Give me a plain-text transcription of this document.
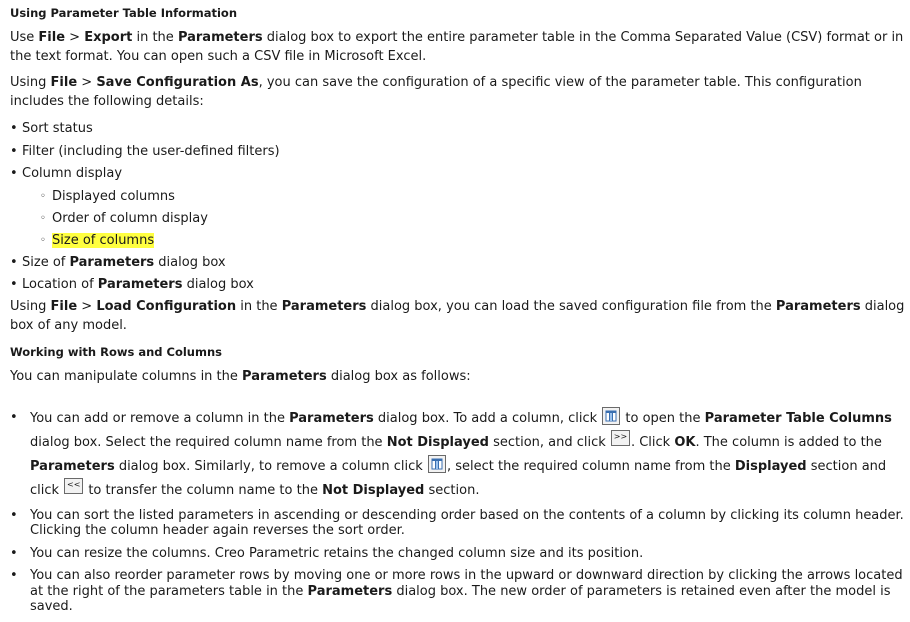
Using Parameter Table Information

Use File > Export in the Parameters dialog box to export the entire parameter table in the Comma Separated Value (CSV) format or in the text format. You can open such a CSV file in Microsoft Excel.

Using File > Save Configuration As, you can save the configuration of a specific view of the parameter table. This configuration includes the following details:

• Sort status
• Filter (including the user-defined filters)
• Column display
◦ Displayed columns
◦ Order of column display
◦ Size of columns
• Size of Parameters dialog box
• Location of Parameters dialog box

Using File > Load Configuration in the Parameters dialog box, you can load the saved configuration file from the Parameters dialog box of any model.

Working with Rows and Columns

You can manipulate columns in the Parameters dialog box as follows:

• You can add or remove a column in the Parameters dialog box. To add a column, click
to open the Parameter Table Columns dialog box. Select the required column name from the Not Displayed section, and click >> . Click OK. The column is added to the Parameters dialog box. Similarly, to remove a column click
, select the required column name from the Displayed section and click << to transfer the column name to the Not Displayed section.
• You can sort the listed parameters in ascending or descending order based on the contents of a column by clicking its column header. Clicking the column header again reverses the sort order.
• You can resize the columns. Creo Parametric retains the changed column size and its position.
• You can also reorder parameter rows by moving one or more rows in the upward or downward direction by clicking the arrows located at the right of the parameters table in the Parameters dialog box. The new order of parameters is retained even after the model is saved.
